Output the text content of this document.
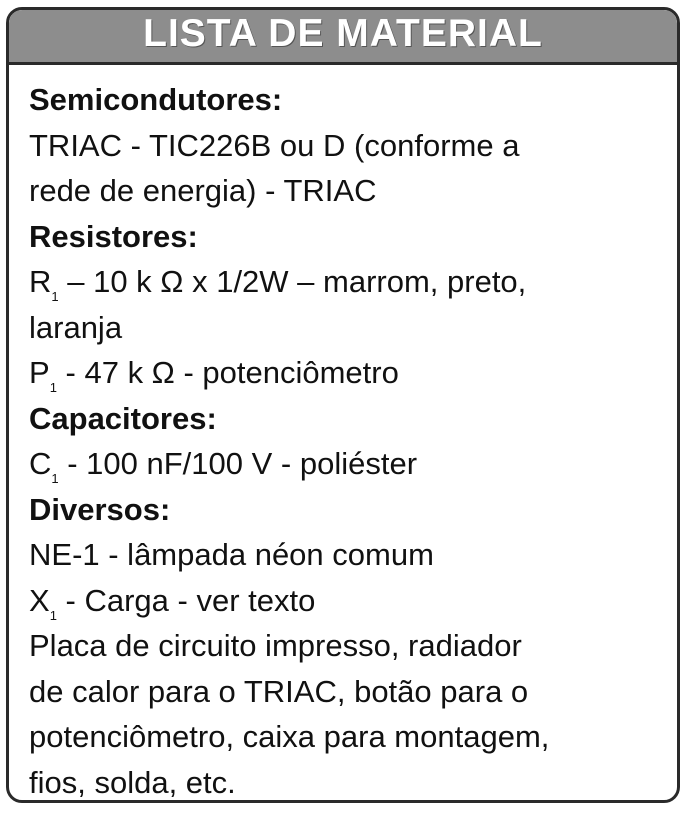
LISTA DE MATERIAL
Semicondutores:
TRIAC - TIC226B ou D (conforme a
rede de energia) - TRIAC
Resistores:
$R_1 - 10$ k Ω x 1/2W – marrom, preto,
laranja
$P_1 - 47$ k Ω - potenciômetro
Capacitores:
$C_1 - 100$ nF/100 V - poliéster
Diversos:
NE-1 - lâmpada néon comum
$X_1$ - Carga - ver texto
Placa de circuito impresso, radiador
de calor para o TRIAC, botão para o
potenciômetro, caixa para montagem,
fios, solda, etc.
